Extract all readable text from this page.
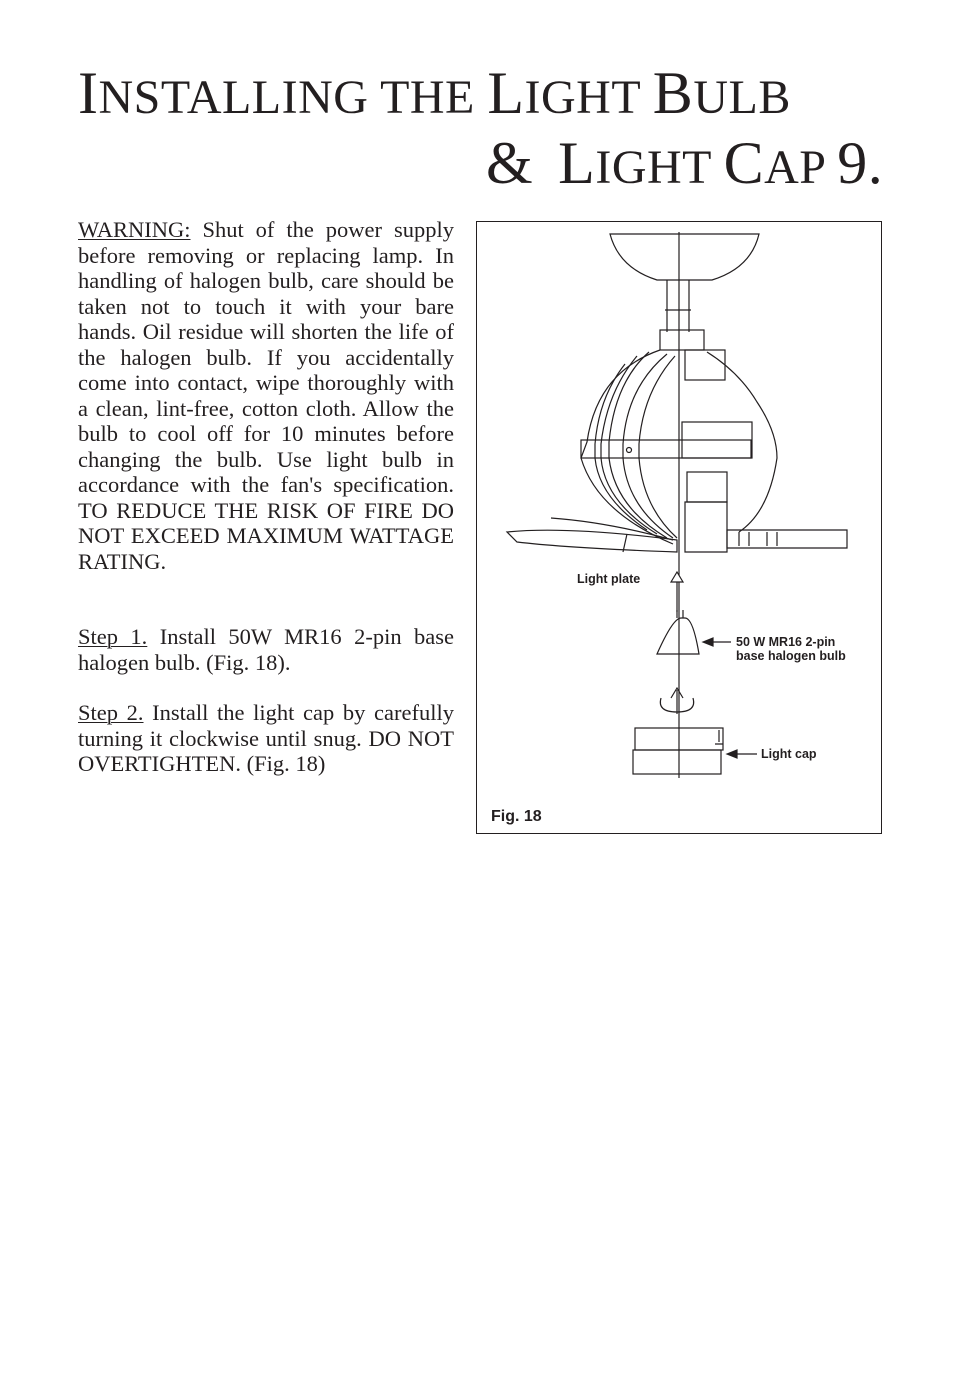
INSTALLING THE LIGHT BULB
& LIGHT CAP 9.

WARNING: Shut of the power supply before removing or replacing lamp. In handling of halogen bulb, care should be taken not to touch it with your bare hands. Oil residue will shorten the life of the halogen bulb. If you accidentally come into contact, wipe thoroughly with a clean, lint-free, cotton cloth. Allow the bulb to cool off for 10 minutes before changing the bulb. Use light bulb in accordance with the fan's specification. TO REDUCE THE RISK OF FIRE DO NOT EXCEED MAXIMUM WATTAGE RATING.

Step 1. Install 50W MR16 2-pin base halogen bulb. (Fig. 18).

Step 2. Install the light cap by carefully turning it clockwise until snug. DO NOT OVERTIGHTEN. (Fig. 18)

Light plate
50 W MR16 2-pin
base halogen bulb
Light cap
Fig. 18
